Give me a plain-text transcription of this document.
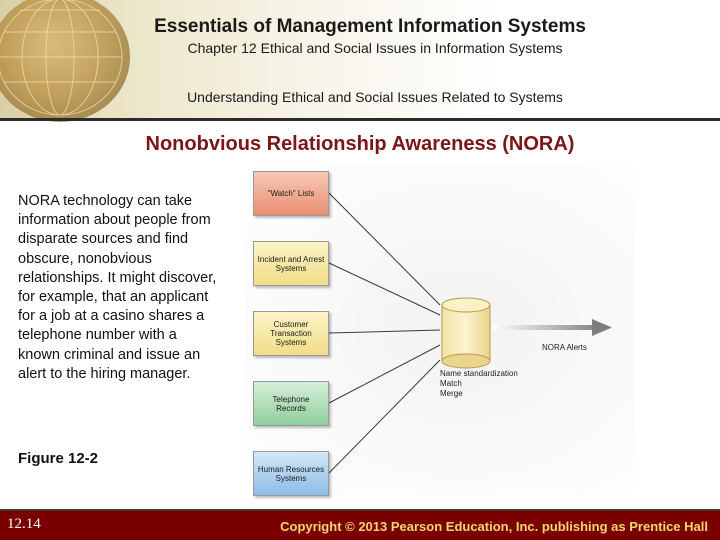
Essentials of Management Information Systems
Chapter 12 Ethical and Social Issues in Information Systems
Understanding Ethical and Social Issues Related to Systems
Nonobvious Relationship Awareness (NORA)
NORA technology can take information about people from disparate sources and find obscure, nonobvious relationships. It might discover, for example, that an applicant for a job at a casino shares a telephone number with a known criminal and issue an alert to the hiring manager.
Figure 12-2
"Watch" Lists
Incident and Arrest Systems
Customer Transaction Systems
Telephone Records
Human Resources Systems
Name standardization
Match
Merge
NORA Alerts
12.14	Copyright © 2013 Pearson Education, Inc. publishing as Prentice Hall
